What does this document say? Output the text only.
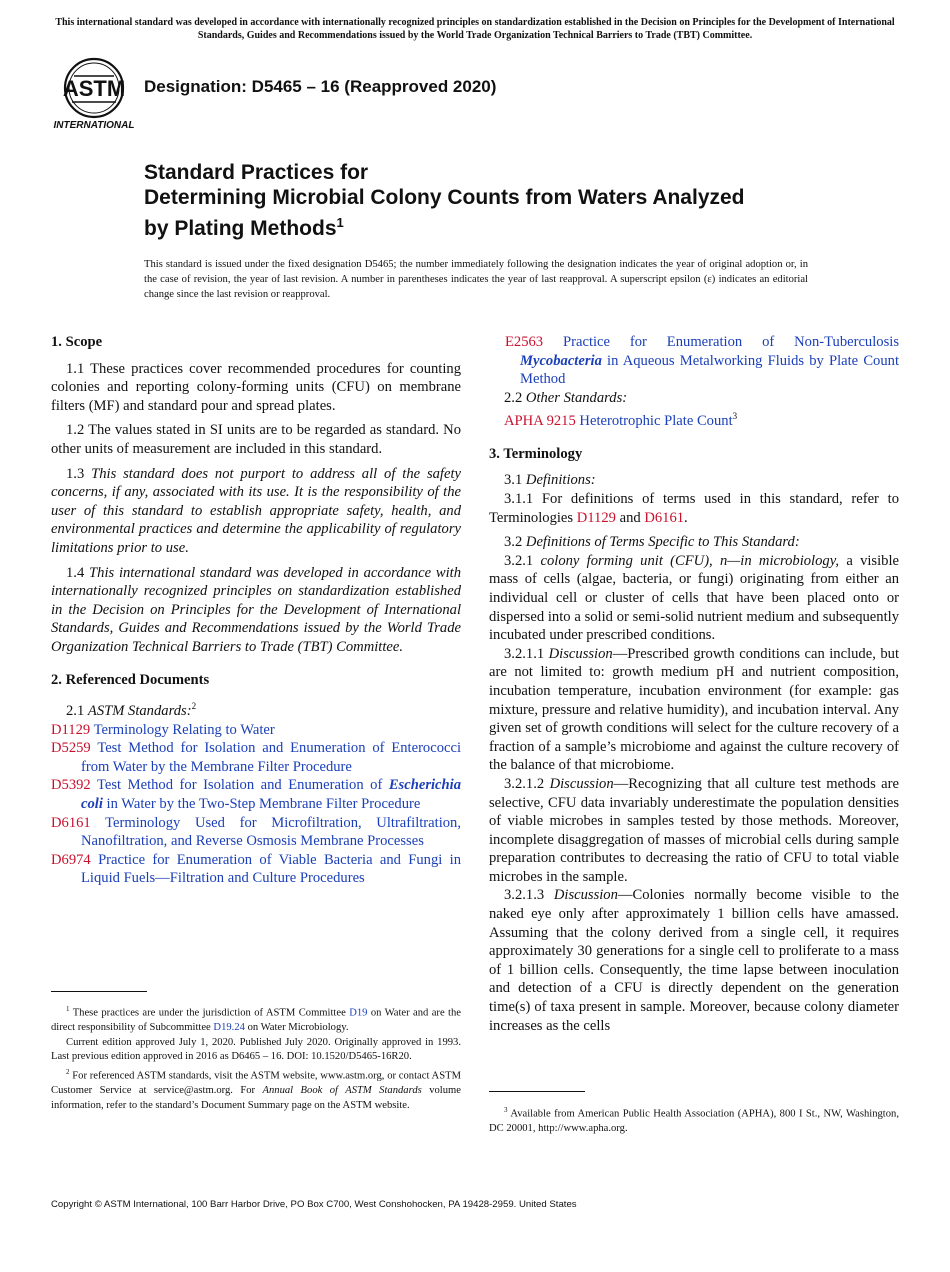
This international standard was developed in accordance with internationally recognized principles on standardization established in the Decision on Principles for the Development of International Standards, Guides and Recommendations issued by the World Trade Organization Technical Barriers to Trade (TBT) Committee.
ASTM
INTERNATIONAL
Designation: D5465 – 16 (Reapproved 2020)
Standard Practices for
Determining Microbial Colony Counts from Waters Analyzed
by Plating Methods$^1$
This standard is issued under the fixed designation D5465; the number immediately following the designation indicates the year of original adoption or, in the case of revision, the year of last revision. A number in parentheses indicates the year of last reapproval. A superscript epsilon (ε) indicates an editorial change since the last revision or reapproval.
1. Scope

1.1 These practices cover recommended procedures for counting colonies and reporting colony-forming units (CFU) on membrane filters (MF) and standard pour and spread plates.

1.2 The values stated in SI units are to be regarded as standard. No other units of measurement are included in this standard.

1.3 This standard does not purport to address all of the safety concerns, if any, associated with its use. It is the responsibility of the user of this standard to establish appropriate safety, health, and environmental practices and determine the applicability of regulatory limitations prior to use.

1.4 This international standard was developed in accordance with internationally recognized principles on standardization established in the Decision on Principles for the Development of International Standards, Guides and Recommendations issued by the World Trade Organization Technical Barriers to Trade (TBT) Committee.

2. Referenced Documents

2.1 ASTM Standards:$^2$

D1129 Terminology Relating to Water

D5259 Test Method for Isolation and Enumeration of Enterococci from Water by the Membrane Filter Procedure

D5392 Test Method for Isolation and Enumeration of Escherichia coli in Water by the Two-Step Membrane Filter Procedure

D6161 Terminology Used for Microfiltration, Ultrafiltration, Nanofiltration, and Reverse Osmosis Membrane Processes

D6974 Practice for Enumeration of Viable Bacteria and Fungi in Liquid Fuels—Filtration and Culture Procedures

E2563 Practice for Enumeration of Non-Tuberculosis Mycobacteria in Aqueous Metalworking Fluids by Plate Count Method

2.2 Other Standards:

APHA 9215 Heterotrophic Plate Count$^3$

3. Terminology

3.1 Definitions:

3.1.1 For definitions of terms used in this standard, refer to Terminologies D1129 and D6161.

3.2 Definitions of Terms Specific to This Standard:

3.2.1 colony forming unit (CFU), n—in microbiology, a visible mass of cells (algae, bacteria, or fungi) originating from either an individual cell or cluster of cells that have been placed onto or dispersed into a solid or semi-solid nutrient medium and subsequently incubated under prescribed conditions.

3.2.1.1 Discussion—Prescribed growth conditions can include, but are not limited to: growth medium pH and nutrient composition, incubation temperature, incubation environment (for example: gas mixture, pressure and relative humidity), and incubation interval. Any given set of growth conditions will select for the culture recovery of a fraction of a sample’s microbiome and against the culture recovery of the balance of that microbiome.

3.2.1.2 Discussion—Recognizing that all culture test methods are selective, CFU data invariably underestimate the population densities of viable microbes in samples tested by those methods. Moreover, incomplete disaggregation of masses of microbial cells during sample preparation contributes to decreasing the ratio of CFU to total viable microbes in the sample.

3.2.1.3 Discussion—Colonies normally become visible to the naked eye only after approximately 1 billion cells have amassed. Assuming that the colony derived from a single cell, it requires approximately 30 generations for a single cell to proliferate to a mass of 1 billion cells. Consequently, the time lapse between inoculation and detection of a CFU is directly dependent on the generation time(s) of taxa present in sample. Moreover, because colony diameter increases as the cells

$^1$ These practices are under the jurisdiction of ASTM Committee D19 on Water and are the direct responsibility of Subcommittee D19.24 on Water Microbiology.

Current edition approved July 1, 2020. Published July 2020. Originally approved in 1993. Last previous edition approved in 2016 as D6465 – 16. DOI: 10.1520/D5465-16R20.

$^2$ For referenced ASTM standards, visit the ASTM website, www.astm.org, or contact ASTM Customer Service at service@astm.org. For Annual Book of ASTM Standards volume information, refer to the standard’s Document Summary page on the ASTM website.	$^3$ Available from American Public Health Association (APHA), 800 I St., NW, Washington, DC 20001, http://www.apha.org.

Copyright © ASTM International, 100 Barr Harbor Drive, PO Box C700, West Conshohocken, PA 19428-2959. United States
